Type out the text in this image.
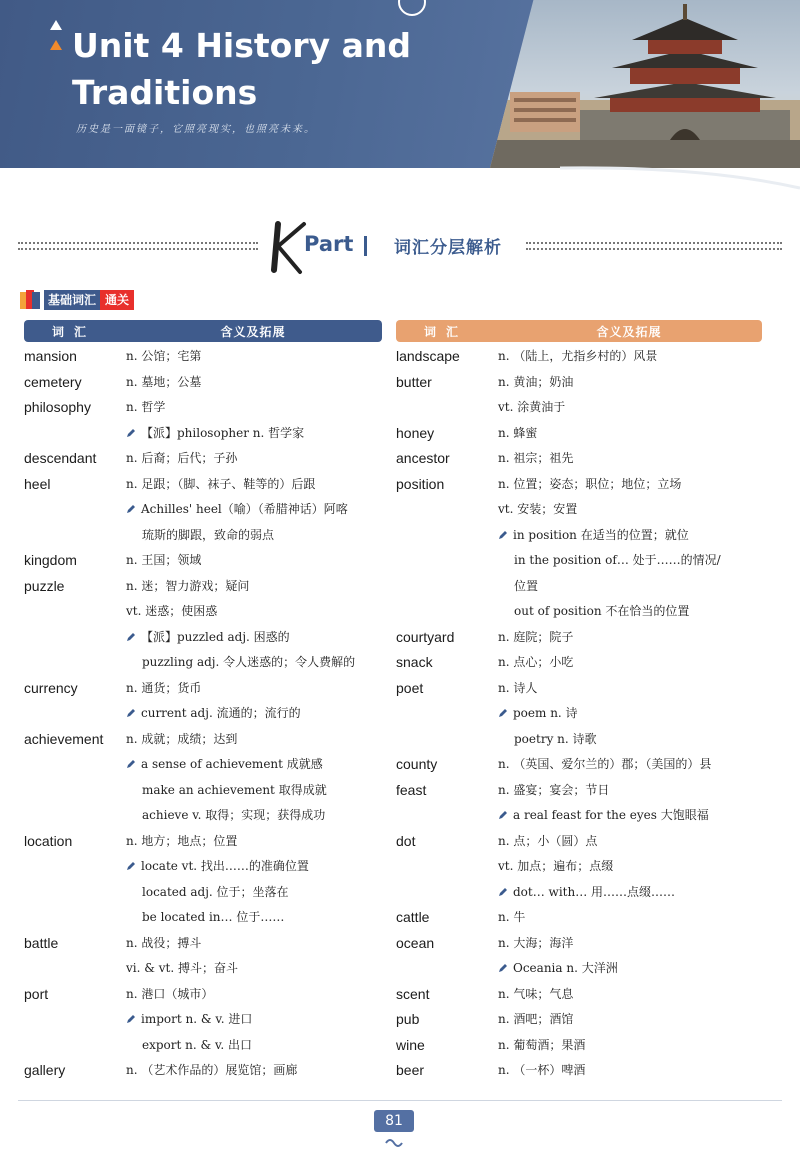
Unit 4 History and Traditions
历史是一面镜子，它照亮现实，也照亮未来。
Part 词汇分层解析
基础词汇 通关
词汇	含义及拓展
mansion	n. 公馆；宅第
cemetery	n. 墓地；公墓
philosophy	n. 哲学
【派】philosopher n. 哲学家
descendant	n. 后裔；后代；子孙
heel	n. 足跟；（脚、袜子、鞋等的）后跟
Achilles' heel（喻）（希腊神话）阿喀
琉斯的脚跟，致命的弱点
kingdom	n. 王国；领域
puzzle	n. 迷；智力游戏；疑问
vt. 迷惑；使困惑
【派】puzzled adj. 困惑的
puzzling adj. 令人迷惑的；令人费解的
currency	n. 通货；货币
current adj. 流通的；流行的
achievement	n. 成就；成绩；达到
a sense of achievement 成就感
make an achievement 取得成就
achieve v. 取得；实现；获得成功
location	n. 地方；地点；位置
locate vt. 找出……的准确位置
located adj. 位于；坐落在
be located in… 位于……
battle	n. 战役；搏斗
vi. & vt. 搏斗；奋斗
port	n. 港口（城市）
import n. & v. 进口
export n. & v. 出口
gallery	n. （艺术作品的）展览馆；画廊
词汇	含义及拓展
landscape	n. （陆上，尤指乡村的）风景
butter	n. 黄油；奶油
vt. 涂黄油于
honey	n. 蜂蜜
ancestor	n. 祖宗；祖先
position	n. 位置；姿态；职位；地位；立场
vt. 安装；安置
in position 在适当的位置；就位
in the position of… 处于……的情况/
位置
out of position 不在恰当的位置
courtyard	n. 庭院；院子
snack	n. 点心；小吃
poet	n. 诗人
poem n. 诗
poetry n. 诗歌
county	n. （英国、爱尔兰的）郡；（美国的）县
feast	n. 盛宴；宴会；节日
a real feast for the eyes 大饱眼福
dot	n. 点；小（圆）点
vt. 加点；遍布；点缀
dot… with… 用……点缀……
cattle	n. 牛
ocean	n. 大海；海洋
Oceania n. 大洋洲
scent	n. 气味；气息
pub	n. 酒吧；酒馆
wine	n. 葡萄酒；果酒
beer	n. （一杯）啤酒
81
